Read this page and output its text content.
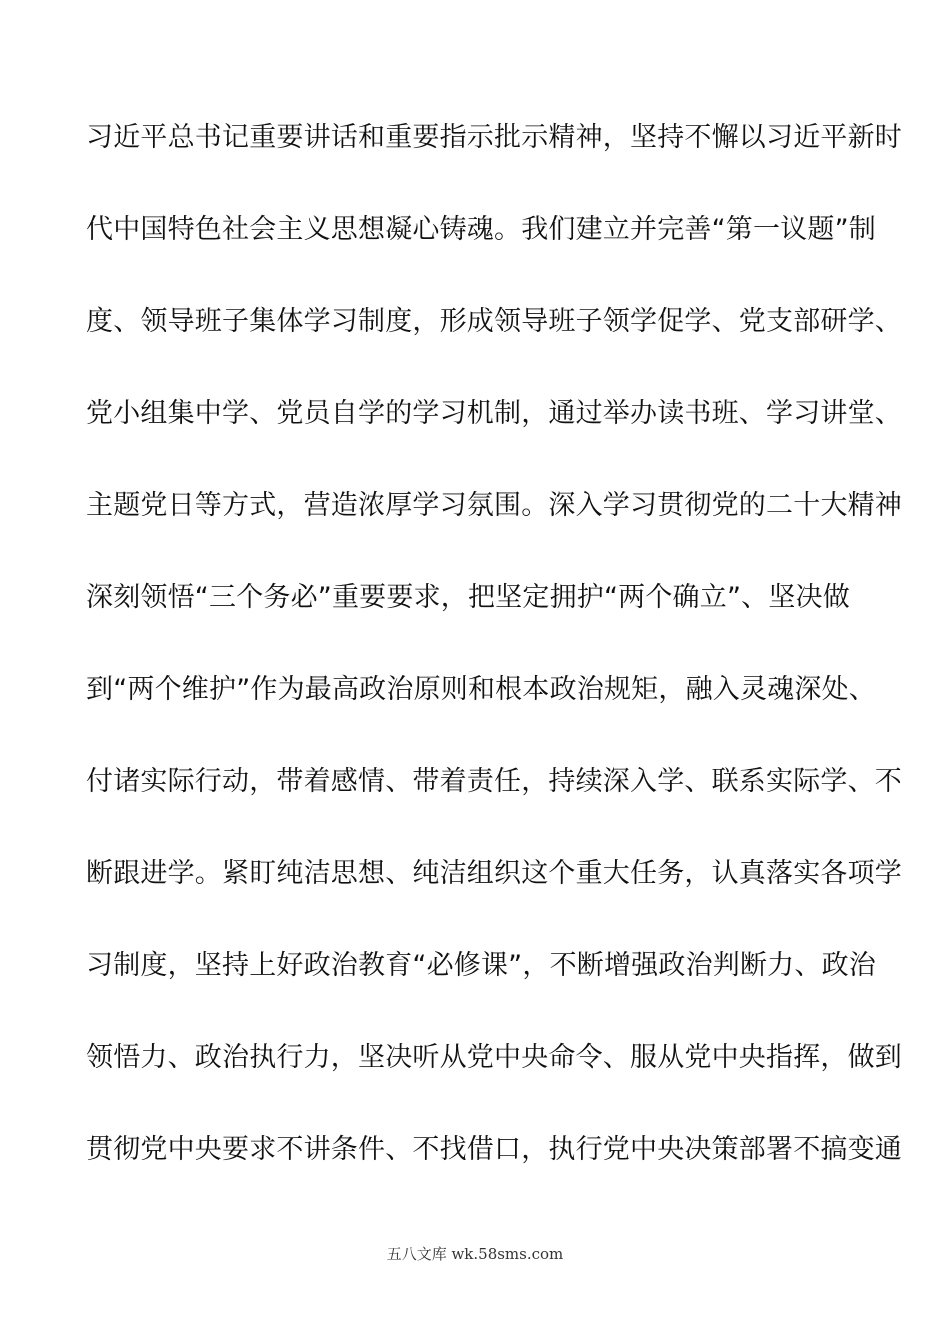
习近平总书记重要讲话和重要指示批示精神，坚持不懈以习近平新时
代中国特色社会主义思想凝心铸魂。我们建立并完善“第一议题”制
度、领导班子集体学习制度，形成领导班子领学促学、党支部研学、
党小组集中学、党员自学的学习机制，通过举办读书班、学习讲堂、
主题党日等方式，营造浓厚学习氛围。深入学习贯彻党的二十大精神
深刻领悟“三个务必”重要要求，把坚定拥护“两个确立”、坚决做
到“两个维护”作为最高政治原则和根本政治规矩，融入灵魂深处、
付诸实际行动，带着感情、带着责任，持续深入学、联系实际学、不
断跟进学。紧盯纯洁思想、纯洁组织这个重大任务，认真落实各项学
习制度，坚持上好政治教育“必修课”，不断增强政治判断力、政治
领悟力、政治执行力，坚决听从党中央命令、服从党中央指挥，做到
贯彻党中央要求不讲条件、不找借口，执行党中央决策部署不搞变通
五八文库 wk.58sms.com
